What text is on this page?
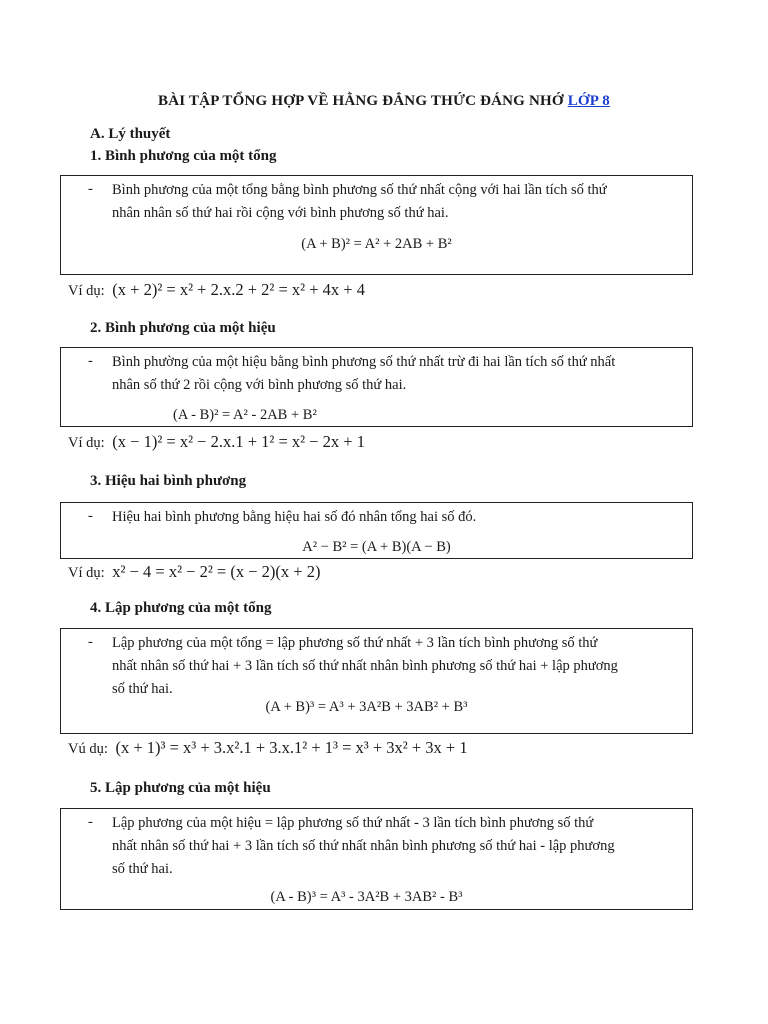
BÀI TẬP TỔNG HỢP VỀ HẰNG ĐẲNG THỨC ĐÁNG NHỚ LỚP 8
A. Lý thuyết
1. Bình phương của một tổng
- Bình phương của một tổng bằng bình phương số thứ nhất cộng với hai lần tích số thứ
nhân nhân số thứ hai rồi cộng với bình phương số thứ hai.
(A + B)² = A² + 2AB + B²
Ví dụ: (x + 2)² = x² + 2.x.2 + 2² = x² + 4x + 4
2. Bình phương của một hiệu
- Bình phường của một hiệu bằng bình phương số thứ nhất trừ đi hai lần tích số thứ nhất
nhân số thứ 2 rồi cộng với bình phương số thứ hai.
(A - B)² = A² - 2AB + B²
Ví dụ: (x − 1)² = x² − 2.x.1 + 1² = x² − 2x + 1
3. Hiệu hai bình phương
- Hiệu hai bình phương bằng hiệu hai số đó nhân tổng hai số đó.
A² − B² = (A + B)(A − B)
Ví dụ: x² − 4 = x² − 2² = (x − 2)(x + 2)
4. Lập phương của một tổng
- Lập phương của một tổng = lập phương số thứ nhất + 3 lần tích bình phương số thứ
nhất nhân số thứ hai + 3 lần tích số thứ nhất nhân bình phương số thứ hai + lập phương
số thứ hai.
(A + B)³ = A³ + 3A²B + 3AB² + B³
Vú dụ: (x + 1)³ = x³ + 3.x².1 + 3.x.1² + 1³ = x³ + 3x² + 3x + 1
5. Lập phương của một hiệu
- Lập phương của một hiệu = lập phương số thứ nhất - 3 lần tích bình phương số thứ
nhất nhân số thứ hai + 3 lần tích số thứ nhất nhân bình phương số thứ hai - lập phương
số thứ hai.
(A - B)³ = A³ - 3A²B + 3AB² - B³
